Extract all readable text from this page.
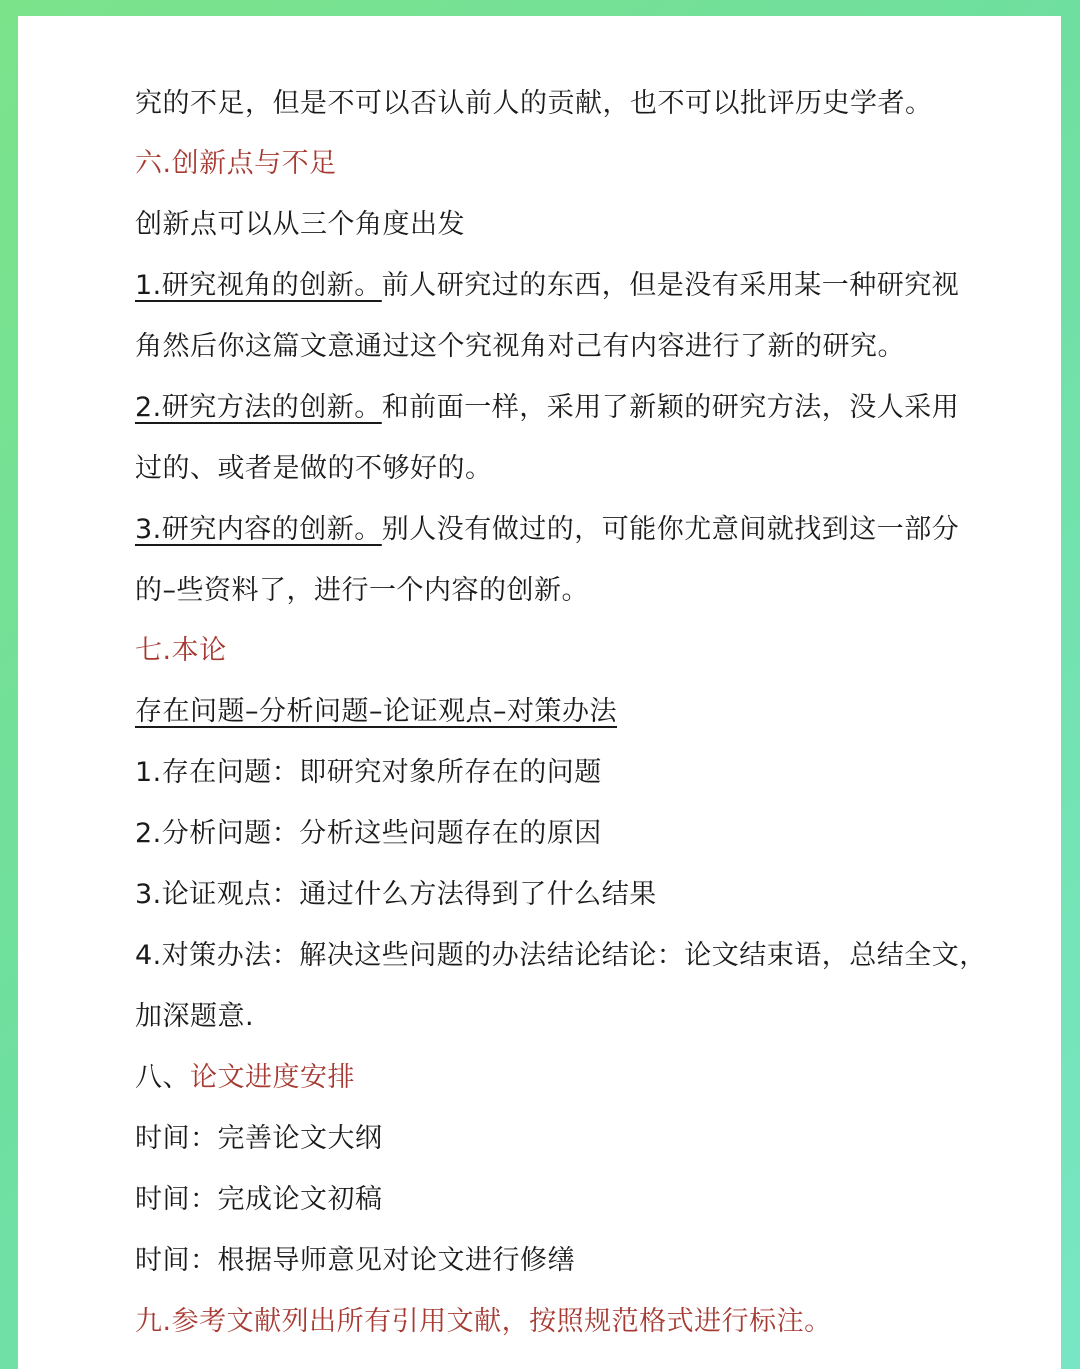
究的不足，但是不可以否认前人的贡献，也不可以批评历史学者。
六.创新点与不足
创新点可以从三个角度出发
1.研究视角的创新。前人研究过的东西，但是没有采用某一种研究视
角然后你这篇文意通过这个究视角对己有内容进行了新的研究。
2.研究方法的创新。和前面一样，采用了新颖的研究方法，没人采用
过的、或者是做的不够好的。
3.研究内容的创新。别人没有做过的，可能你尤意间就找到这一部分
的–些资料了，进行一个内容的创新。
七.本论
存在问题–分析问题–论证观点–对策办法
1.存在问题：即研究对象所存在的问题
2.分析问题：分析这些问题存在的原因
3.论证观点：通过什么方法得到了什么结果
4.对策办法：解决这些问题的办法结论结论：论文结束语，总结全文，
加深题意.
八、论文进度安排
时间：完善论文大纲
时间：完成论文初稿
时间：根据导师意见对论文进行修缮
九.参考文献列出所有引用文献，按照规范格式进行标注。
